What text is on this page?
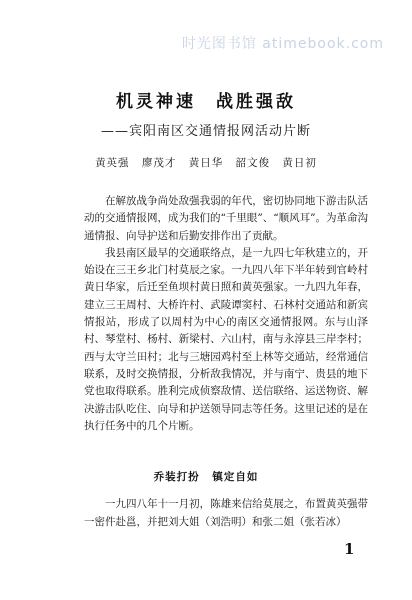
时光图书馆 atimebook.com
机灵神速　战胜强敌
——宾阳南区交通情报网活动片断
黄英强 廖茂才 黄日华 韶文俊 黄日初

在解放战争尚处敌强我弱的年代，密切协同地下游击队活动的交通情报网，成为我们的“千里眼”、“顺风耳”。为革命沟通情报、向导护送和后勤安排作出了贡献。

我县南区最早的交通联络点，是一九四七年秋建立的，开始设在三王乡北门村莫辰之家。一九四八年下半年转到官岭村黄日华家，后迁至鱼坝村黄日照和黄英强家。一九四九年春，建立三王周村、大桥许村、武陵谭窦村、石林村交通站和新宾情报站，形成了以周村为中心的南区交通情报网。东与山泽村、琴堂村、杨村、新梁村、六山村，南与永淳县三岸李村；西与太守兰田村；北与三塘园鸡村至上林等交通站，经常通信联系，及时交换情报，分析敌我情况，并与南宁、贵县的地下党也取得联系。胜利完成侦察敌情、送信联络、运送物资、解决游击队吃住、向导和护送领导同志等任务。这里记述的是在执行任务中的几个片断。

乔装打扮 镇定自如

一九四八年十一月初，陈雄来信给莫展之，布置黄英强带一密件赴邕，并把刘大姐（刘浩明）和张二姐（张若冰）

1
